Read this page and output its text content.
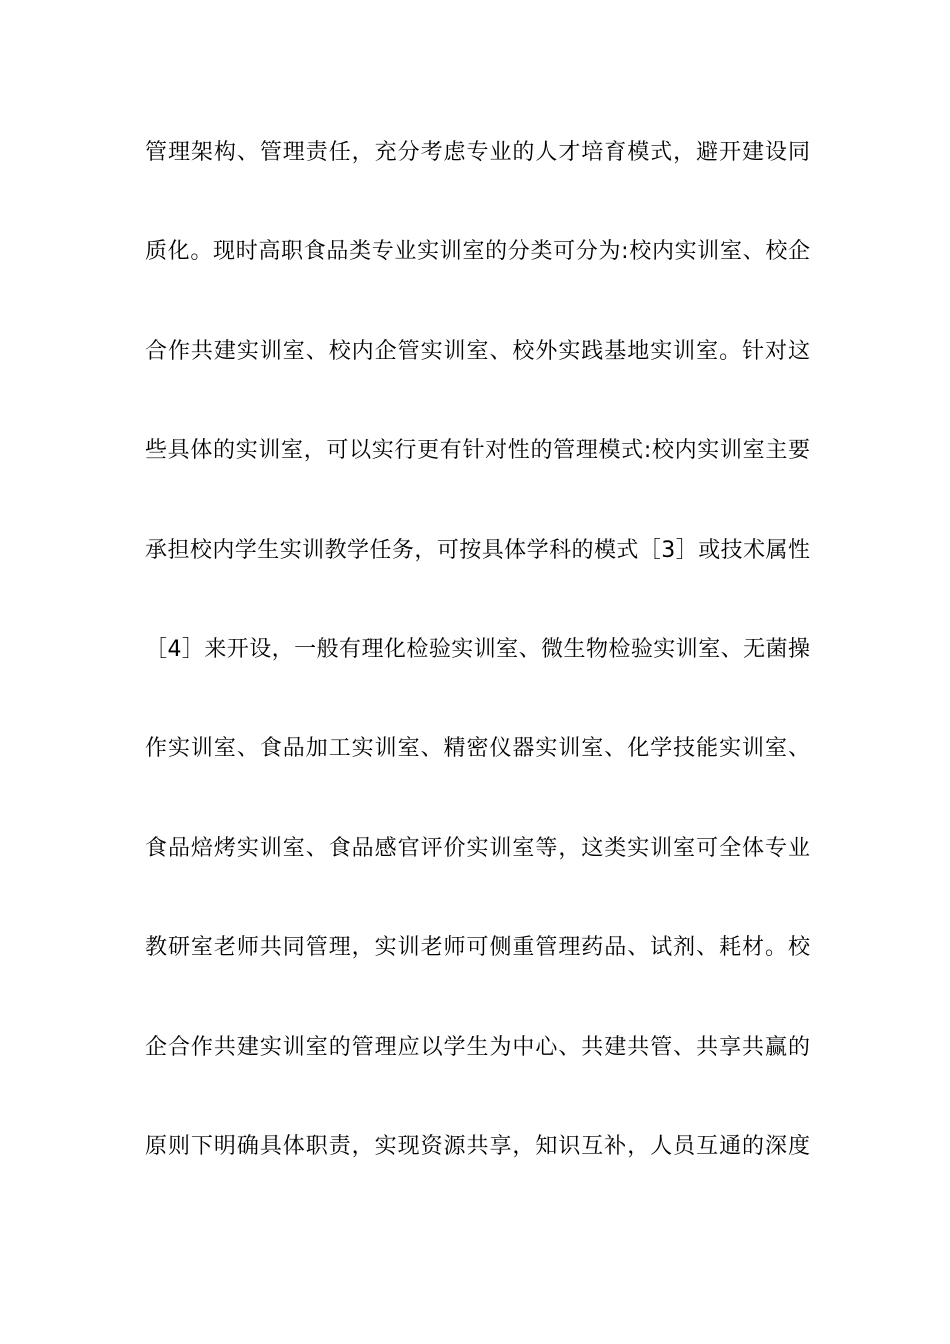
管理架构、管理责任，充分考虑专业的人才培育模式，避开建设同
质化。现时高职食品类专业实训室的分类可分为:校内实训室、校企
合作共建实训室、校内企管实训室、校外实践基地实训室。针对这
些具体的实训室，可以实行更有针对性的管理模式:校内实训室主要
承担校内学生实训教学任务，可按具体学科的模式［3］或技术属性
［4］来开设，一般有理化检验实训室、微生物检验实训室、无菌操
作实训室、食品加工实训室、精密仪器实训室、化学技能实训室、
食品焙烤实训室、食品感官评价实训室等，这类实训室可全体专业
教研室老师共同管理，实训老师可侧重管理药品、试剂、耗材。校
企合作共建实训室的管理应以学生为中心、共建共管、共享共赢的
原则下明确具体职责，实现资源共享，知识互补，人员互通的深度
